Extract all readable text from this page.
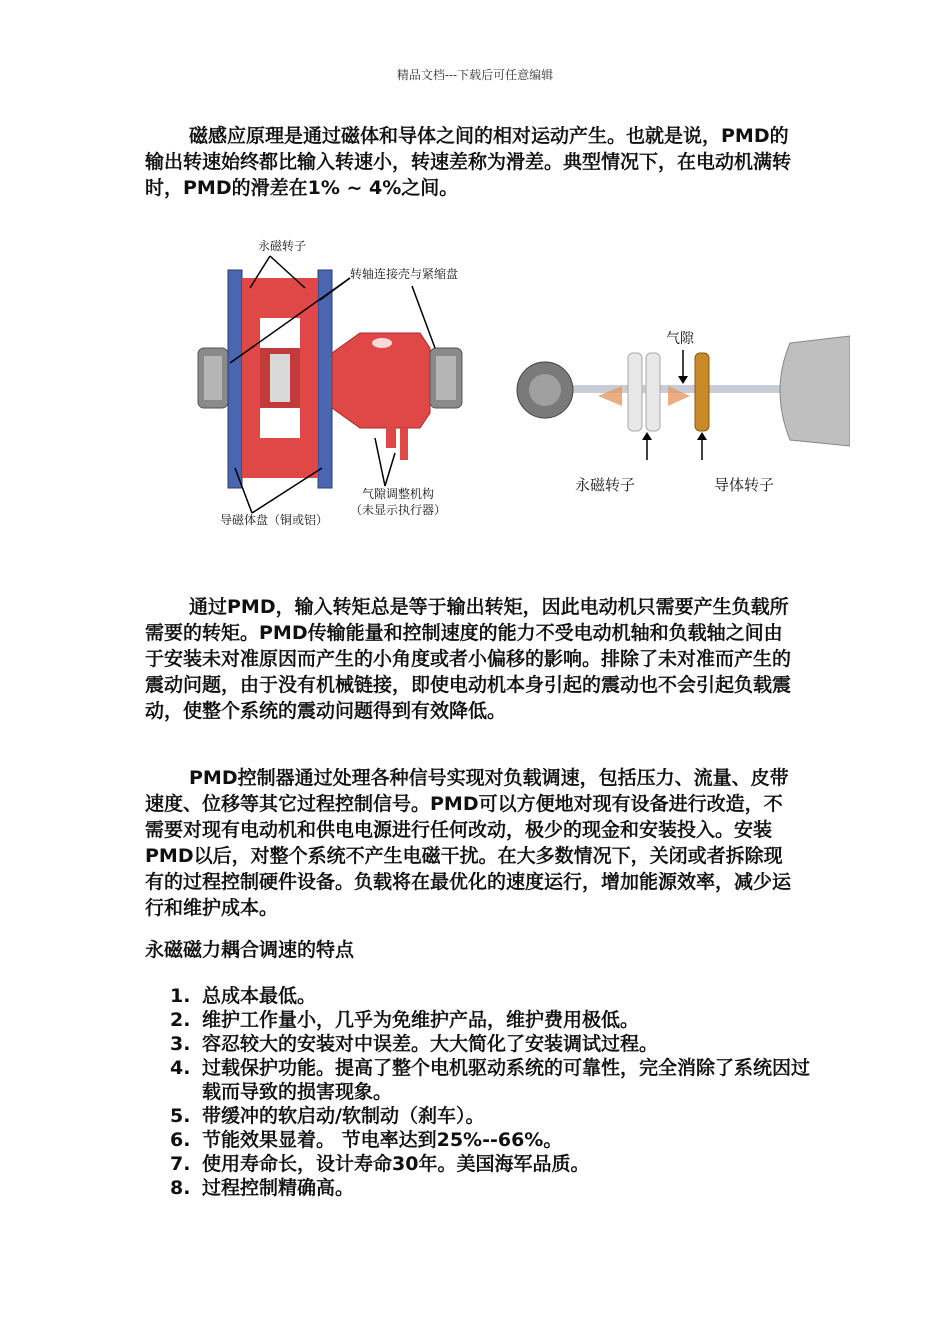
精品文档---下载后可任意编辑

磁感应原理是通过磁体和导体之间的相对运动产生。也就是说，PMD的输出转速始终都比输入转速小，转速差称为滑差。典型情况下，在电动机满转时，PMD的滑差在1% ~ 4%之间。

永磁转子
转轴连接壳与紧缩盘
导磁体盘（铜或铝）
气隙调整机构
（未显示执行器）
气隙
永磁转子	导体转子

通过PMD，输入转矩总是等于输出转矩，因此电动机只需要产生负载所需要的转矩。PMD传输能量和控制速度的能力不受电动机轴和负载轴之间由于安装未对准原因而产生的小角度或者小偏移的影响。排除了未对准而产生的震动问题，由于没有机械链接，即使电动机本身引起的震动也不会引起负载震动，使整个系统的震动问题得到有效降低。

PMD控制器通过处理各种信号实现对负载调速，包括压力、流量、皮带速度、位移等其它过程控制信号。PMD可以方便地对现有设备进行改造，不需要对现有电动机和供电电源进行任何改动，极少的现金和安装投入。安装PMD以后，对整个系统不产生电磁干扰。在大多数情况下，关闭或者拆除现有的过程控制硬件设备。负载将在最优化的速度运行，增加能源效率，减少运行和维护成本。

永磁磁力耦合调速的特点

1. 总成本最低。
2. 维护工作量小，几乎为免维护产品，维护费用极低。
3. 容忍较大的安装对中误差。大大简化了安装调试过程。
4. 过载保护功能。提高了整个电机驱动系统的可靠性，完全消除了系统因过载而导致的损害现象。
5. 带缓冲的软启动/软制动（刹车）。
6. 节能效果显着。 节电率达到25%--66%。
7. 使用寿命长，设计寿命30年。美国海军品质。
8. 过程控制精确高。
